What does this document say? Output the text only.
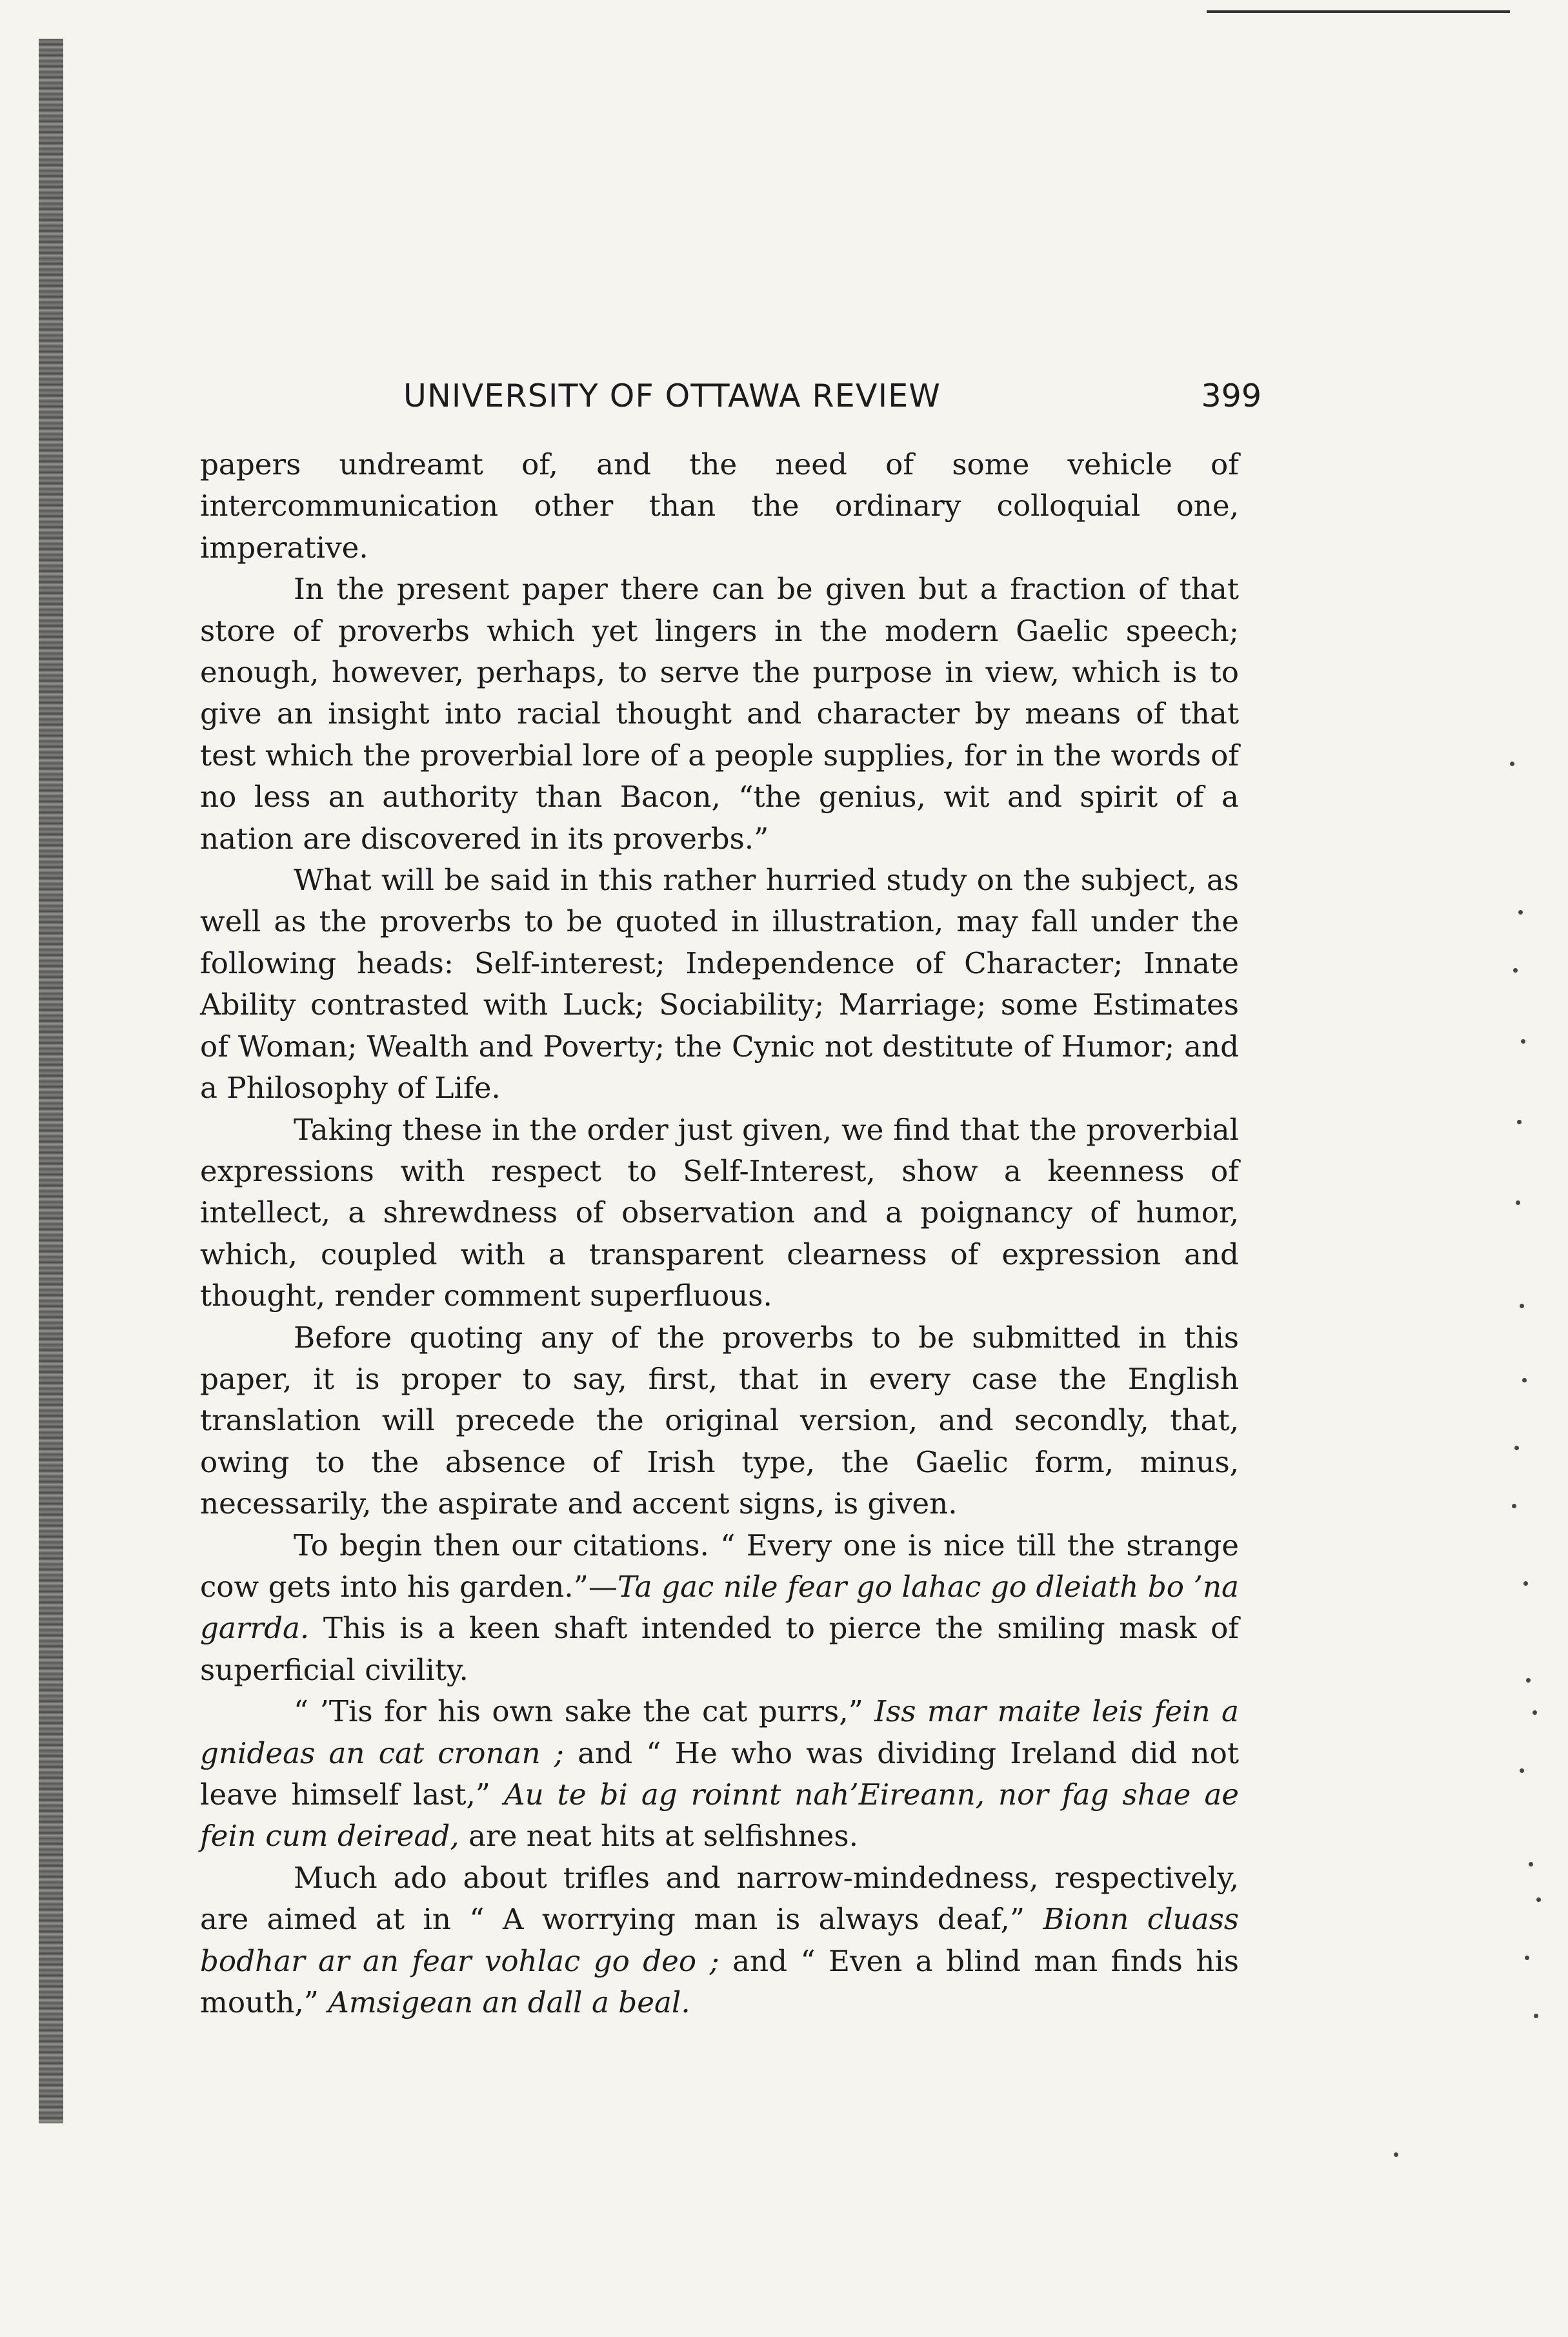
UNIVERSITY OF OTTAWA REVIEW	399

papers undreamt of, and the need of some vehicle of intercommunication other than the ordinary colloquial one, imperative.

In the present paper there can be given but a fraction of that store of proverbs which yet lingers in the modern Gaelic speech; enough, however, perhaps, to serve the purpose in view, which is to give an insight into racial thought and character by means of that test which the proverbial lore of a people supplies, for in the words of no less an authority than Bacon, “the genius, wit and spirit of a nation are discovered in its proverbs.”

What will be said in this rather hurried study on the subject, as well as the proverbs to be quoted in illustration, may fall under the following heads: Self-interest; Independence of Character; Innate Ability contrasted with Luck; Sociability; Marriage; some Estimates of Woman; Wealth and Poverty; the Cynic not destitute of Humor; and a Philosophy of Life.

Taking these in the order just given, we find that the proverbial expressions with respect to Self-Interest, show a keenness of intellect, a shrewdness of observation and a poignancy of humor, which, coupled with a transparent clearness of expression and thought, render comment superfluous.

Before quoting any of the proverbs to be submitted in this paper, it is proper to say, first, that in every case the English translation will precede the original version, and secondly, that, owing to the absence of Irish type, the Gaelic form, minus, necessarily, the aspirate and accent signs, is given.

To begin then our citations. “ Every one is nice till the strange cow gets into his garden.”—Ta gac nile fear go lahac go dleiath bo ’na garrda. This is a keen shaft intended to pierce the smiling mask of superficial civility.

“ ’Tis for his own sake the cat purrs,” Iss mar maite leis fein a gnideas an cat cronan ; and “ He who was dividing Ireland did not leave himself last,” Au te bi ag roinnt nah’Eireann, nor fag shae ae fein cum deiread, are neat hits at selfishnes.

Much ado about trifles and narrow-mindedness, respectively, are aimed at in “ A worrying man is always deaf,” Bionn cluass bodhar ar an fear vohlac go deo ; and “ Even a blind man finds his mouth,” Amsigean an dall a beal.
